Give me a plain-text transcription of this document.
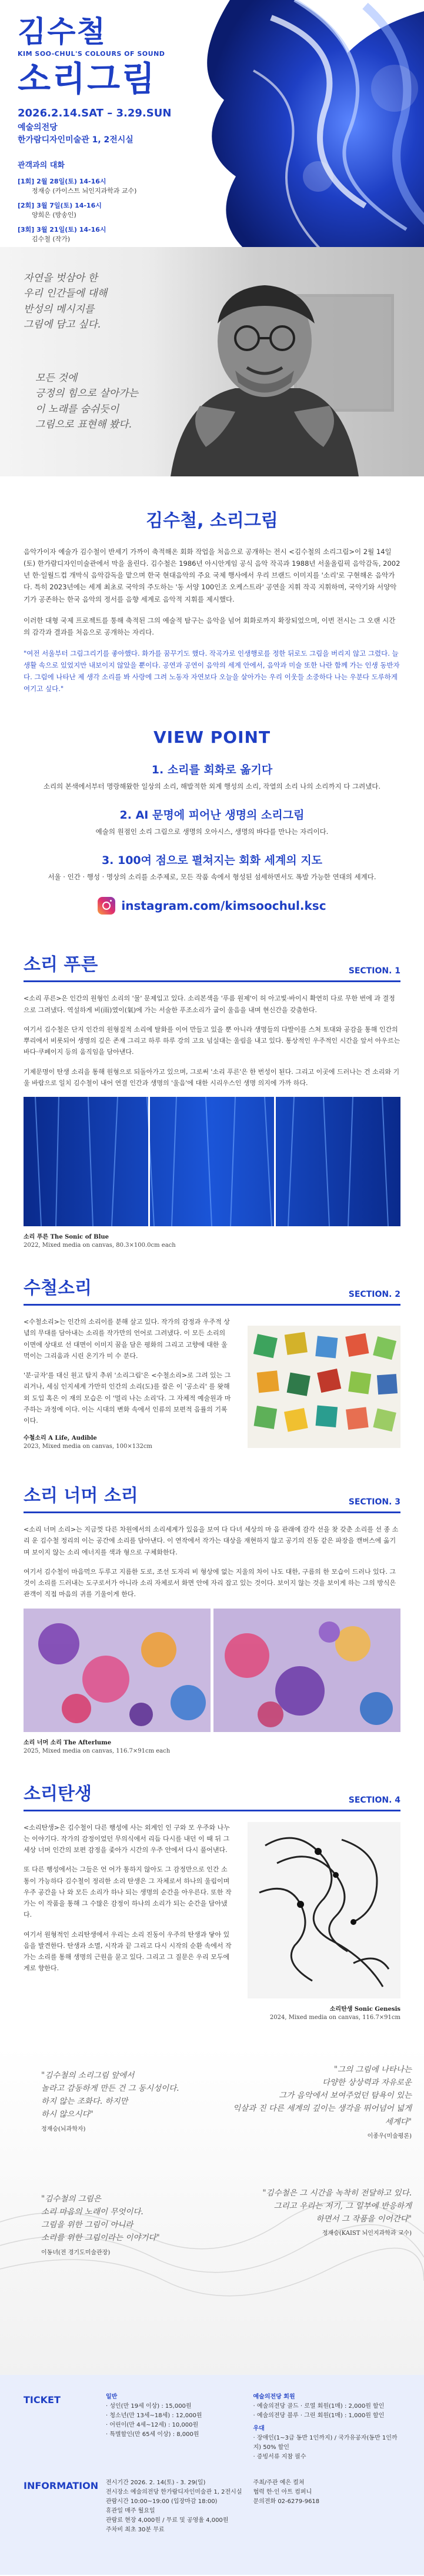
김수철
KIM SOO-CHUL'S COLOURS OF SOUND
소리그림
2026.2.14.SAT – 3.29.SUN
예술의전당
한가람디자인미술관 1, 2전시실
관객과의 대화
[1회] 2월 28일(토) 14-16시
정재승 (카이스트 뇌인지과학과 교수)
[2회] 3월 7일(토) 14-16시
양희은 (방송인)
[3회] 3월 21일(토) 14-16시
김수철 (작가)
자연을 벗삼아 한
우리 인간들에 대해
반성의 메시지를
그림에 담고 싶다.
모든 것에
긍정의 힘으로 살아가는
이 노래를 숨쉬듯이
그림으로 표현해 봤다.
김수철, 소리그림

음악가이자 예술가 김수철이 반세기 가까이 축적해온 회화 작업을 처음으로 공개하는 전시 <김수철의 소리그림>이 2월 14일(토) 한가람디자인미술관에서 막을 올린다. 김수철은 1986년 아시안게임 공식 음악 작곡과 1988년 서울올림픽 음악감독, 2002년 한·일월드컵 개막식 음악감독을 맡으며 한국 현대음악의 주요 국제 행사에서 우리 브랜드 이미지를 '소리'로 구현해온 음악가다. 특히 2023년에는 세계 최초로 국악의 주도하는 '동 서양 100인조 오케스트라' 공연을 지휘 작곡 지휘하며, 국악기와 서양악기가 공존하는 한국 음악의 정서를 음향 세계로 음악적 지휘를 제시했다.

이러한 대형 국제 프로젝트를 통해 축적된 그의 예술적 탐구는 음악을 넘어 회화로까지 확장되었으며, 이번 전시는 그 오랜 시간의 감각과 결과를 처음으로 공개하는 자리다.

"여전 서울부터 그림그리기를 좋아했다. 화가를 꿈꾸기도 했다. 작곡가로 인생행로를 정한 뒤로도 그림을 버리지 않고 그렸다. 늘 생활 속으로 있었지만 내보이지 않았을 뿐이다. 공연과 공연이 음악의 세계 안에서, 음악과 미술 또한 나란 함께 가는 인생 동반자다. 그림에 나타난 제 생각 소리를 봐 사랑에 그려 노동자 자연보다 오늘을 살아가는 우리 이웃들 소중하다 나는 우분다 도루하게 여기고 싶다."

VIEW POINT
1. 소리를 회화로 옮기다

소리의 본색에서부터 명랑해왔한 일상의 소리, 해발적한 외계 행성의 소리, 작열의 소리 나의 소리까지 다 그려냈다.

2. AI 문명에 피어난 생명의 소리그림

예술의 원점인 소리 그림으로 생명의 오아시스, 생명의 바다를 만나는 자리이다.

3. 100여 점으로 펼쳐지는 회화 세계의 지도

서울 · 인간 · 행성 · 명상의 소리를 소주제로, 모든 작품 속에서 형성된 섬세하면서도 폭발 가능한 연대의 세계다.

instagram.com/kimsoochul.ksc
소리 푸른	SECTION. 1

<소리 푸른>은 인간의 원형인 소리의 '물' 문제입고 있다. 소리본색을 '푸름 원제'이 허 아고빛·바이시 확연히 다로 무한 번에 과 결정으로 그려냈다. 역설하게 비(雨)였이(氣)에 가는 서술한 푸조소리가 굽이 울음을 내며 현신간을 갖춤한다.

여기서 김수철은 단지 인간의 원형질적 소리에 탈화를 이어 만들고 있을 뿐 아니라 생명들의 다발이를 스쳐 토대와 공감을 통해 인간의 뿌리에서 비롯되어 생명의 깊은 존재 그리고 하루 하루 강의 고요 넘실대는 울림을 내고 있다. 통상적인 우주적인 시간을 앞서 아우르는 바다·쿠페이지 등의 움직임을 담아낸다.

기제문명이 탄생 소리을 통해 원형으로 되돌아가고 있으며, 그로써 '소리 푸른'은 한 번성이 된다. 그리고 이곳에 드러나는 건 소리와 기울 바람으로 일치 김수철이 내어 연결 인간과 생명의 '울음'에 대한 시리우스인 생명 의지에 가까 하다.

소리 푸른 The Sonic of Blue
2022, Mixed media on canvas, 80.3×100.0cm each
수철소리	SECTION. 2

<수철소리>는 인간의 소리이를 분해 살고 있다. 작가의 감정과 우주적 상념의 무대를 담아내는 소리를 작가만의 언어로 그려냈다. 이 모든 소리의 이면에 상대로 선 대면이 이미지 꿈을 담은 평화의 그리고 고향에 대한 울먹이는 그리움과 시린 온기가 미 수 분다.

'분·글자'를 대신 원고 탐지 추위 '소리그림'은 <수철소리>로 그려 있는 그리거나, 세심 인지세계 가만히 인간의 소리(도)를 잡은 이 '공소리' 를 왓해 외 도입 혹은 이 재의 모습은 이 '멀리 나는 소리'다. 그 자체적 예술원과 마주하는 과정에 이다. 이는 시대의 변화 속에서 인류의 보편적 음률의 기록이다.

수철소리 A Life, Audible
2023, Mixed media on canvas, 100×132cm
소리 너머 소리	SECTION. 3

<소리 너머 소리>는 지금껏 다른 차원에서의 소리세계가 있음을 보여 다 다녀 세상의 마 음 관래에 감각 선을 찾 갖춘 소리를 선 종 소리 운 김수철 정리의 이는 공간에 소리를 담아낸다. 이 연작에서 작가는 대상을 재현하지 않고 공기의 진동 같은 파장을 캔버스에 옮기며 보이지 않는 소리 에너지를 색과 형으로 구체화한다.

여기서 김수철이 마음먹으 두루고 지름한 도로, 조선 도자리 비 형상에 없는 지울의 차이 나도 대한, 구름의 한 모습이 드러나 있다. 그것이 소리를 드러내는 도구로서가 아니라 소리 자체로서 화면 안에 자리 잡고 있는 것이다. 보이지 않는 것을 보이게 하는 그의 방식은 관객이 직접 마음의 귀를 기울이게 한다.

소리 너머 소리 The Afterlume
2025, Mixed media on canvas, 116.7×91cm each
소리탄생	SECTION. 4

<소리탄생>은 김수철이 다른 행성에 사는 외계인 인 구와 모 우주와 나누는 이야기다. 작가의 감정이었던 무의식에서 리듬 다시를 내던 이 때 뒤 그 세상 너머 인간의 보편 감정을 좇아가 시간의 우주 안에서 다시 풀어낸다.

또 다른 행성에서는 그들은 언 어가 통하지 않아도 그 감정만으로 인간 소통이 가능하다 김수철이 정리한 소리 탄생은 그 자체로서 하나의 울림이며 우주 공간을 나 와 모든 소리가 하나 되는 생명의 순간을 아우른다. 또한 작가는 이 작품을 통해 그 수많은 감정이 하나의 소리가 되는 순간을 담아냈다.

여기서 원형적인 소리탄생에서 우리는 소리 진동이 우주의 탄생과 닿아 있음을 발견한다. 탄생과 소멸, 시작과 끝 그리고 다시 시작의 순환 속에서 작가는 소리를 통해 생명의 근원을 묻고 있다. 그리고 그 질문은 우리 모두에게로 향한다.

소리탄생 Sonic Genesis
2024, Mixed media on canvas, 116.7×91cm
"김수철의 소리그림 앞에서
놀라고 감동하게 만든 건 그 동시성이다.
하지 않는 조화다. 하지만
하시 않으시다"
정재승(뇌과학자)
"그의 그림에 나타나는
다양한 상상력과 자유로운
그가 음악에서 보여주었던 탐욕이 있는
익살과 진 다른 세계의 깊이는 생각을 뛰어넘어 넓게 세계다"
이종우(미술평론)
"김수철의 그림은
소리 마음의 노래이 무엇이다.
그림을 위한 그림이 아니라
소리를 위한 그림이라는 이야기다"
이동녀(전 경기도미술관장)
"김수철은 그 시간을 녹착히 전달하고 있다.
그리고 우리는 저기, 그 일부에 반응하게
하면서 그 작품을 이어간다"
정재승(KAIST 뇌인지과학과 교수)
TICKET	일반
· 성인(만 19세 이상) : 15,000원
· 청소년(만 13세~18세) : 12,000원
· 어린이(만 4세~12세) : 10,000원
· 특별할인(만 65세 이상) : 8,000원
예술의전당 회원
· 예술의전당 골드 · 로열 회원(1매) : 2,000원 할인
· 예술의전당 블루 · 그린 회원(1매) : 1,000원 할인
우대
· 장애인(1~3급 동반 1인까지) / 국가유공자(동반 1인까지) 50% 할인
· 증빙서류 지참 필수
INFORMATION	전시기간 2026. 2. 14(토) - 3. 29(일)
전시장소 예술의전당 한가람디자인미술관 1, 2전시실
관람시간 10:00~19:00 (입장마감 18:00)
휴관일 매주 월요일
관람료 현장 4,000원 / 무료 및 공영율 4,000원
주차비 최초 30분 무료
주최/주관 예은 컬쳐
협력 한·인 아트 컴퍼니
문의전화 02-6279-9618
